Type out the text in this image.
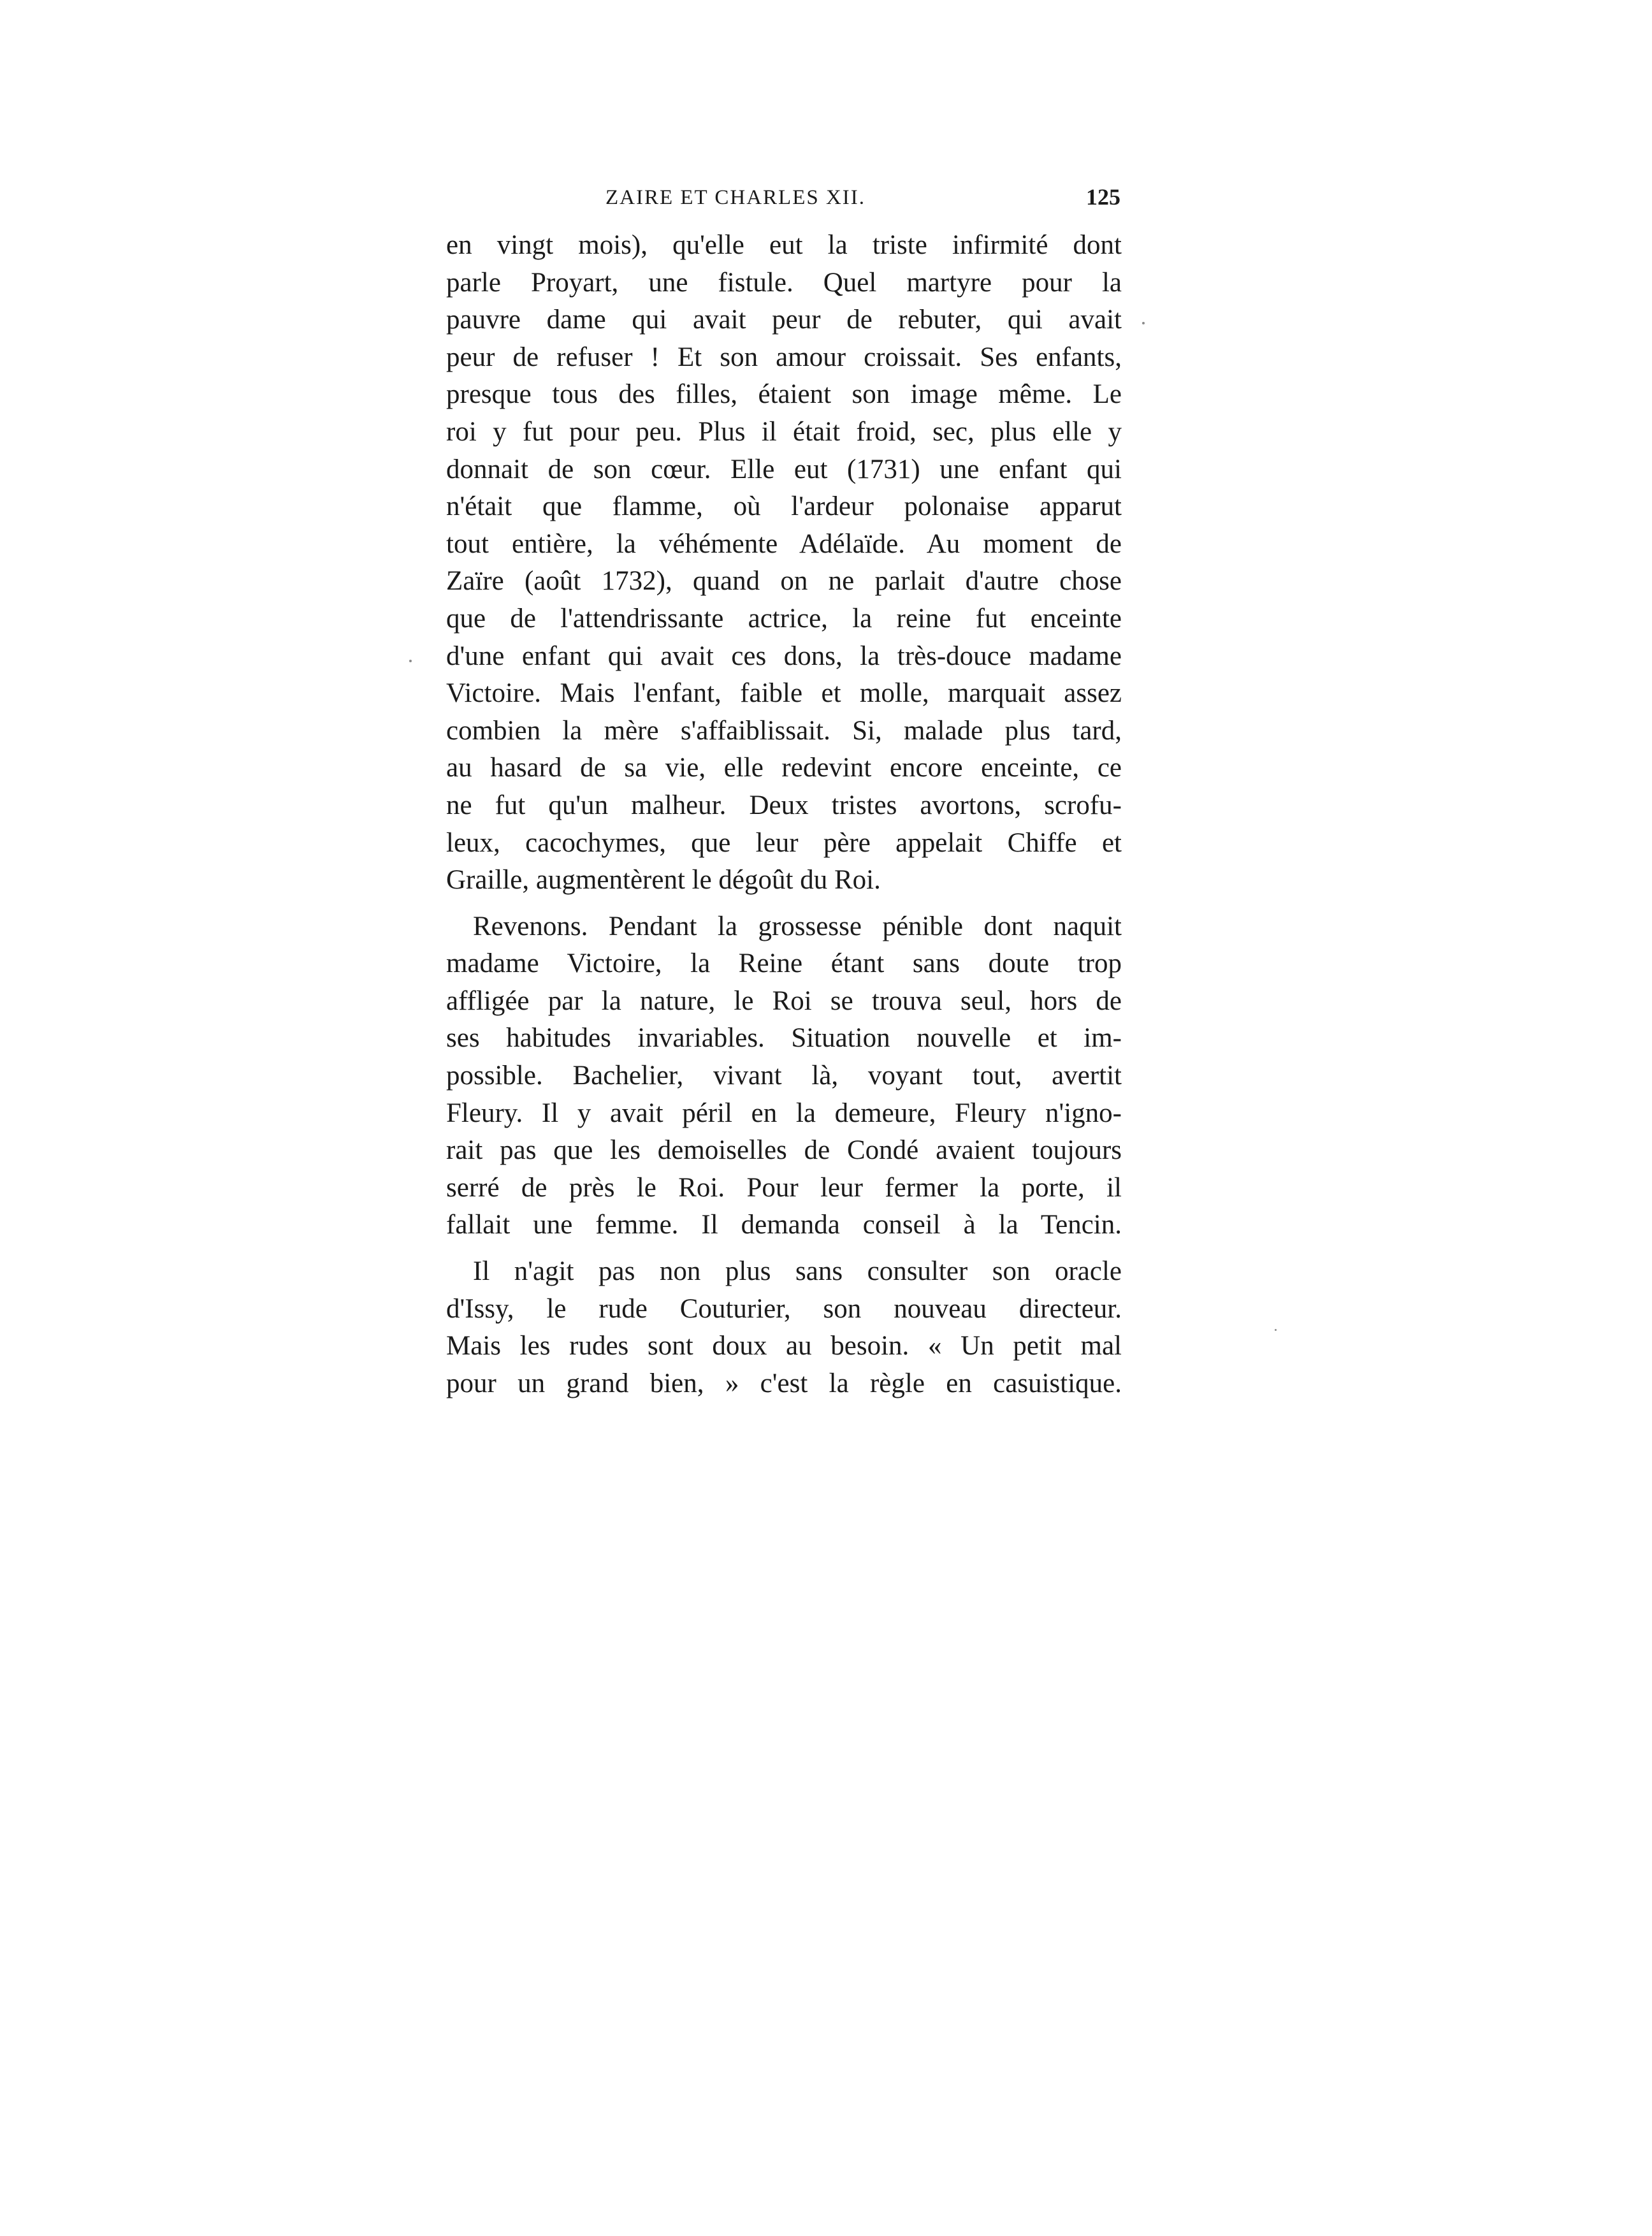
ZAIRE ET CHARLES XII.	125
en vingt mois), qu'elle eut la triste infirmité dont
parle Proyart, une fistule. Quel martyre pour la
pauvre dame qui avait peur de rebuter, qui avait
peur de refuser ! Et son amour croissait. Ses enfants,
presque tous des filles, étaient son image même. Le
roi y fut pour peu. Plus il était froid, sec, plus elle y
donnait de son cœur. Elle eut (1731) une enfant qui
n'était que flamme, où l'ardeur polonaise apparut
tout entière, la véhémente Adélaïde. Au moment de
Zaïre (août 1732), quand on ne parlait d'autre chose
que de l'attendrissante actrice, la reine fut enceinte
d'une enfant qui avait ces dons, la très-douce madame
Victoire. Mais l'enfant, faible et molle, marquait assez
combien la mère s'affaiblissait. Si, malade plus tard,
au hasard de sa vie, elle redevint encore enceinte, ce
ne fut qu'un malheur. Deux tristes avortons, scrofu-
leux, cacochymes, que leur père appelait Chiffe et
Graille, augmentèrent le dégoût du Roi.
Revenons. Pendant la grossesse pénible dont naquit
madame Victoire, la Reine étant sans doute trop
affligée par la nature, le Roi se trouva seul, hors de
ses habitudes invariables. Situation nouvelle et im-
possible. Bachelier, vivant là, voyant tout, avertit
Fleury. Il y avait péril en la demeure, Fleury n'igno-
rait pas que les demoiselles de Condé avaient toujours
serré de près le Roi. Pour leur fermer la porte, il
fallait une femme. Il demanda conseil à la Tencin.
Il n'agit pas non plus sans consulter son oracle
d'Issy, le rude Couturier, son nouveau directeur.
Mais les rudes sont doux au besoin. « Un petit mal
pour un grand bien, » c'est la règle en casuistique.
